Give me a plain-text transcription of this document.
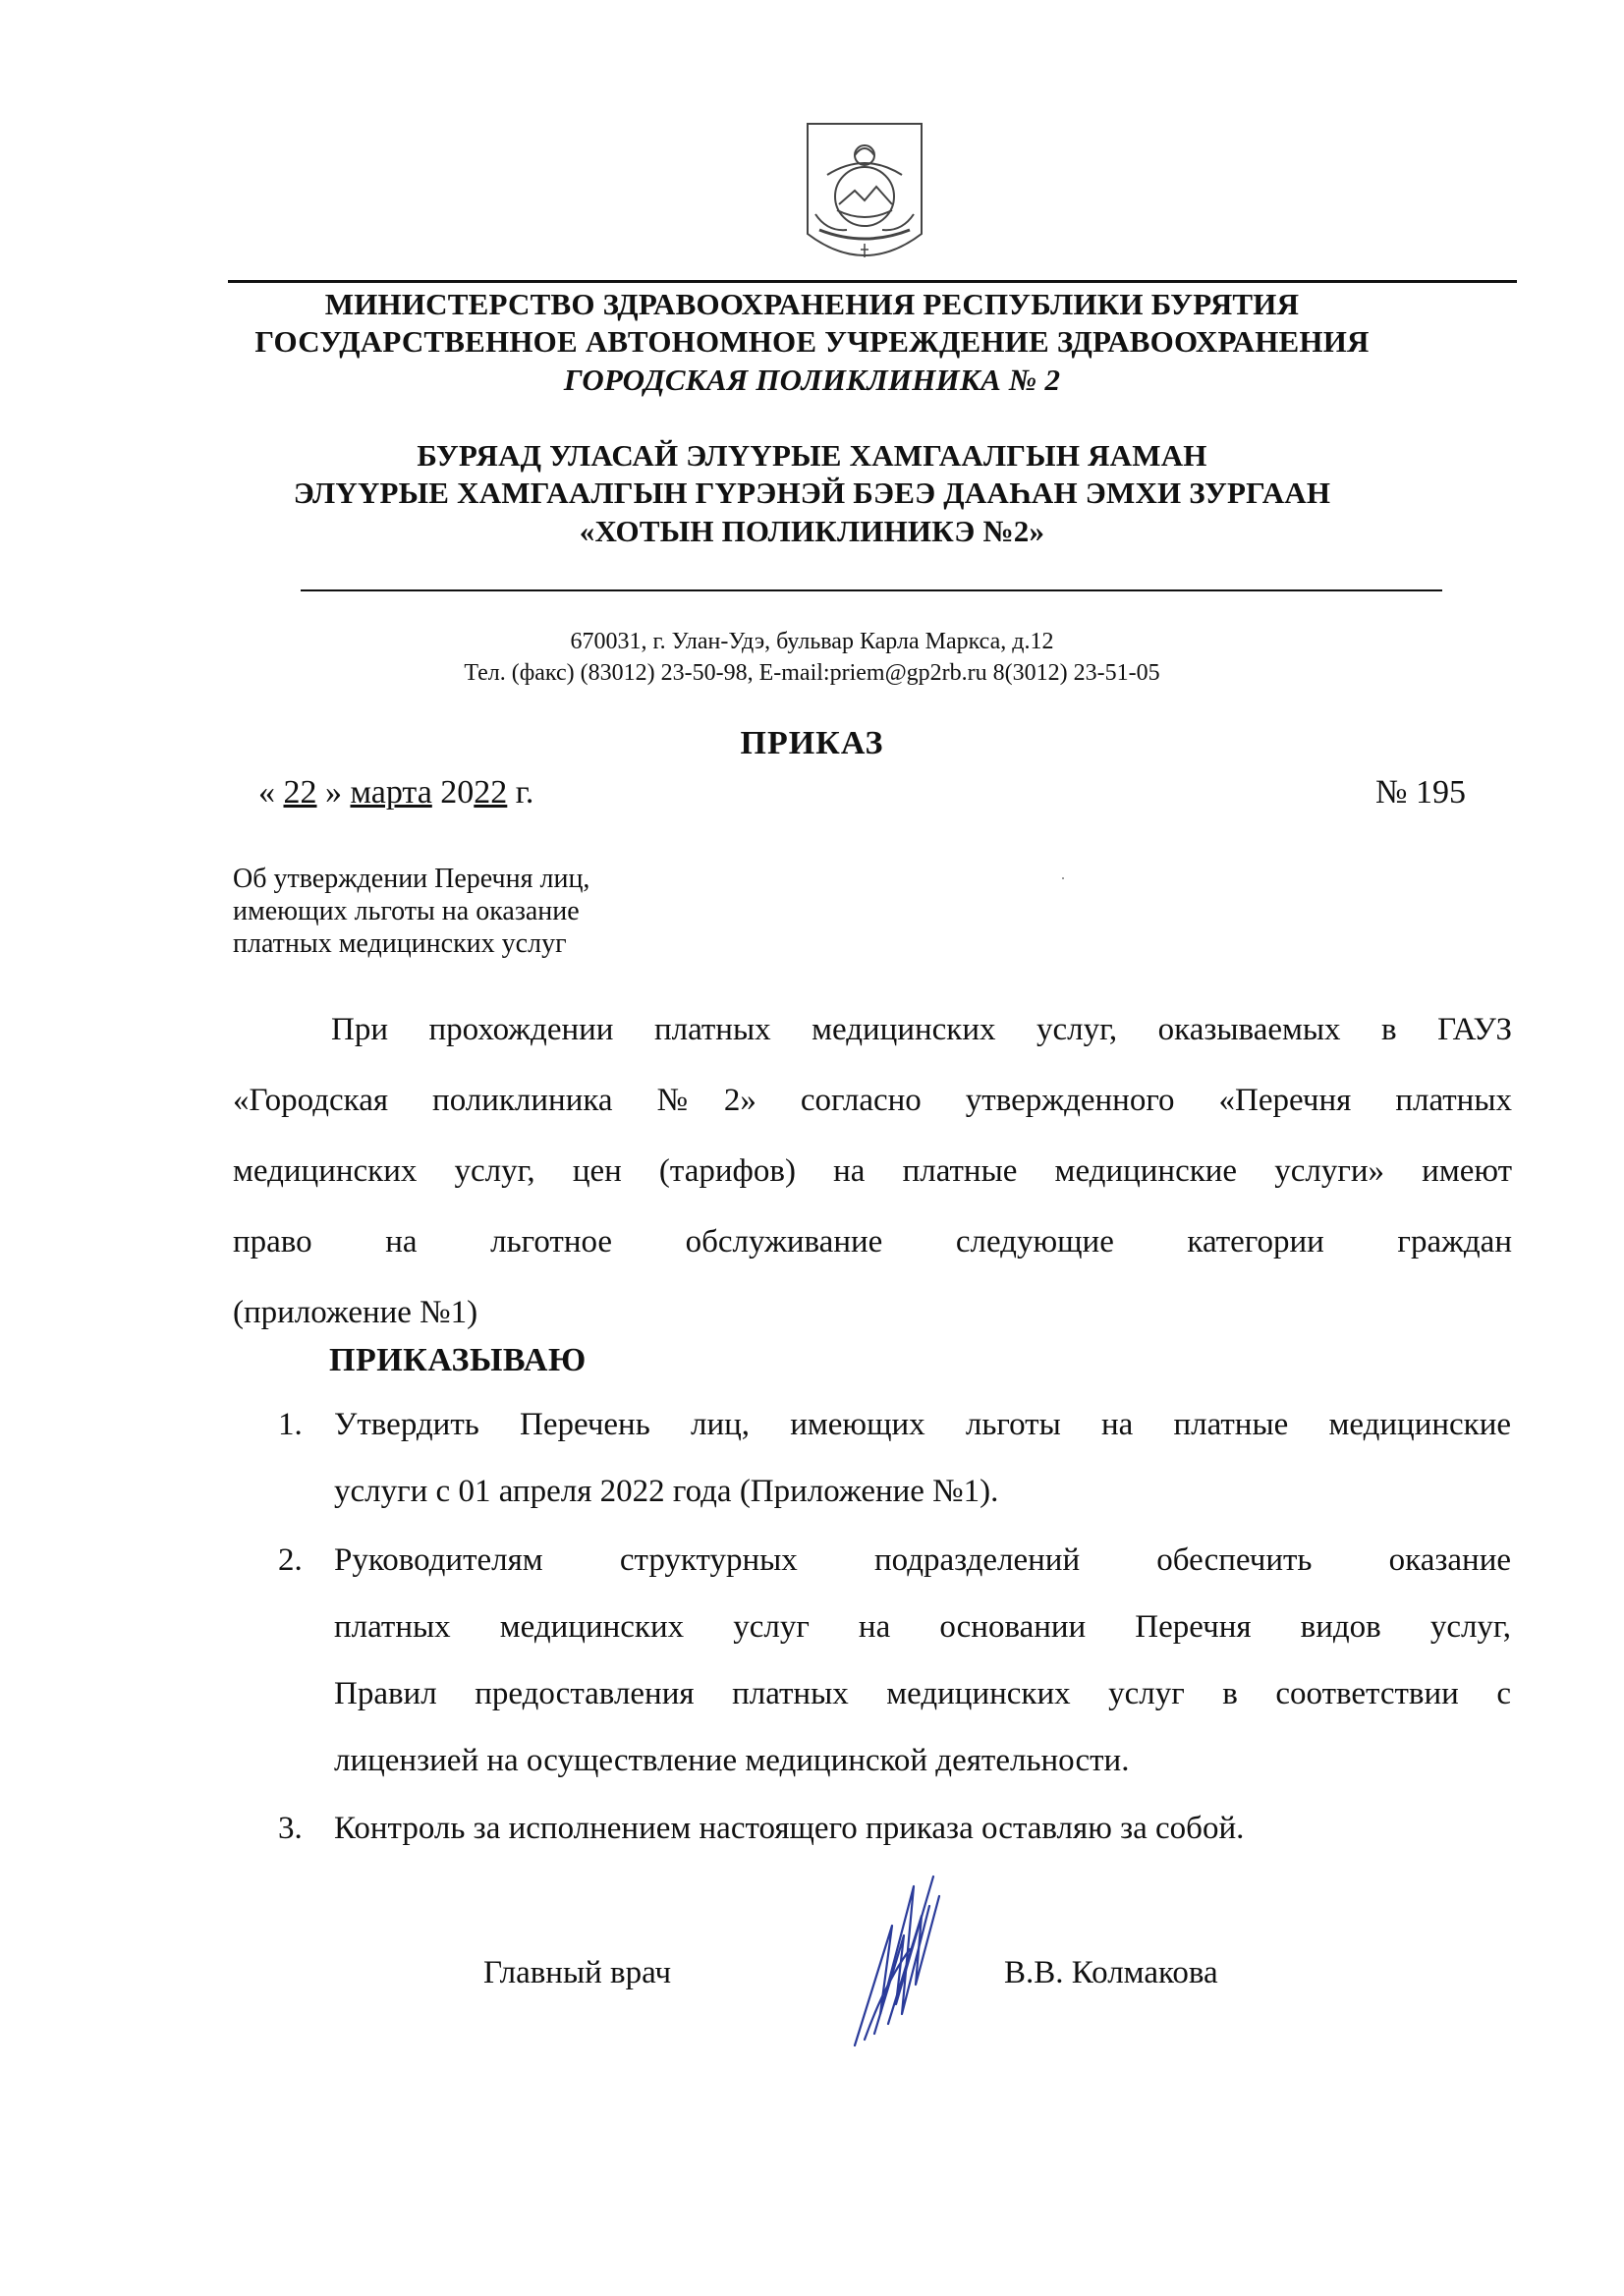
МИНИСТЕРСТВО ЗДРАВООХРАНЕНИЯ РЕСПУБЛИКИ БУРЯТИЯ
ГОСУДАРСТВЕННОЕ АВТОНОМНОЕ УЧРЕЖДЕНИЕ ЗДРАВООХРАНЕНИЯ
ГОРОДСКАЯ ПОЛИКЛИНИКА № 2
БУРЯАД УЛАСАЙ ЭЛҮҮРЫЕ ХАМГААЛГЫН ЯАМАН
ЭЛҮҮРЫЕ ХАМГААЛГЫН ГҮРЭНЭЙ БЭЕЭ ДААҺАН ЭМХИ ЗУРГААН
«ХОТЫН ПОЛИКЛИНИКЭ №2»
670031, г. Улан-Удэ, бульвар Карла Маркса, д.12
Тел. (факс) (83012) 23-50-98, E-mail:priem@gp2rb.ru 8(3012) 23-51-05
ПРИКАЗ
« 22 » марта 2022 г.	№ 195
Об утверждении Перечня лиц,
имеющих льготы на оказание
платных медицинских услуг
При прохождении платных медицинских услуг, оказываемых в ГАУЗ
«Городская поликлиника №2» согласно утвержденного «Перечня платных
медицинских услуг, цен (тарифов) на платные медицинские услуги» имеют
право на льготное обслуживание следующие категории граждан
(приложение №1)
ПРИКАЗЫВАЮ
1. Утвердить Перечень лиц, имеющих льготы на платные медицинские
услуги с 01 апреля 2022 года (Приложение №1).
2. Руководителям структурных подразделений обеспечить оказание
платных медицинских услуг на основании Перечня видов услуг,
Правил предоставления платных медицинских услуг в соответствии с
лицензией на осуществление медицинской деятельности.
3. Контроль за исполнением настоящего приказа оставляю за собой.
Главный врач	В.В. Колмакова
